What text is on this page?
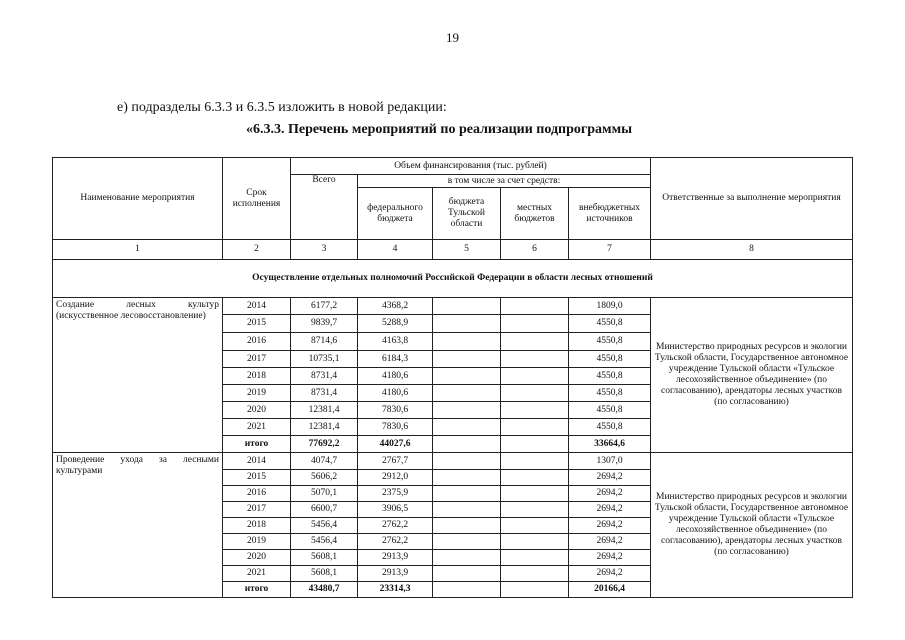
19
е) подразделы 6.3.3 и 6.3.5 изложить в новой редакции:
«6.3.3. Перечень мероприятий по реализации подпрограммы
Наименование мероприятия	Срок исполнения	Объем финансирования (тыс. рублей)					Ответственные за выполнение мероприятия
		Всего	в том числе за счет средств:				
			федерального бюджета	бюджета Тульской области	местных бюджетов	внебюджетных источников	

1	2	3	4	5	6	7	8
Осуществление отдельных полномочий Российской Федерации в области лесных отношений							
Создание лесных культур (искусственное лесовосстановление)	2014	6177,2	4368,2			1809,0	Министерство природных ресурсов и экологии Тульской области, Государственное автономное учреждение Тульской области «Тульское лесохозяйственное объединение» (по согласованию), арендаторы лесных участков (по согласованию)
	2015	9839,7	5288,9			4550,8	
	2016	8714,6	4163,8			4550,8	
	2017	10735,1	6184,3			4550,8	
	2018	8731,4	4180,6			4550,8	
	2019	8731,4	4180,6			4550,8	
	2020	12381,4	7830,6			4550,8	
	2021	12381,4	7830,6			4550,8	
	итого	77692,2	44027,6			33664,6	
Проведение ухода за лесными культурами	2014	4074,7	2767,7			1307,0	Министерство природных ресурсов и экологии Тульской области, Государственное автономное учреждение Тульской области «Тульское лесохозяйственное объединение» (по согласованию), арендаторы лесных участков (по согласованию)
	2015	5606,2	2912,0			2694,2	
	2016	5070,1	2375,9			2694,2	
	2017	6600,7	3906,5			2694,2	
	2018	5456,4	2762,2			2694,2	
	2019	5456,4	2762,2			2694,2	
	2020	5608,1	2913,9			2694,2	
	2021	5608,1	2913,9			2694,2	
	итого	43480,7	23314,3			20166,4	
